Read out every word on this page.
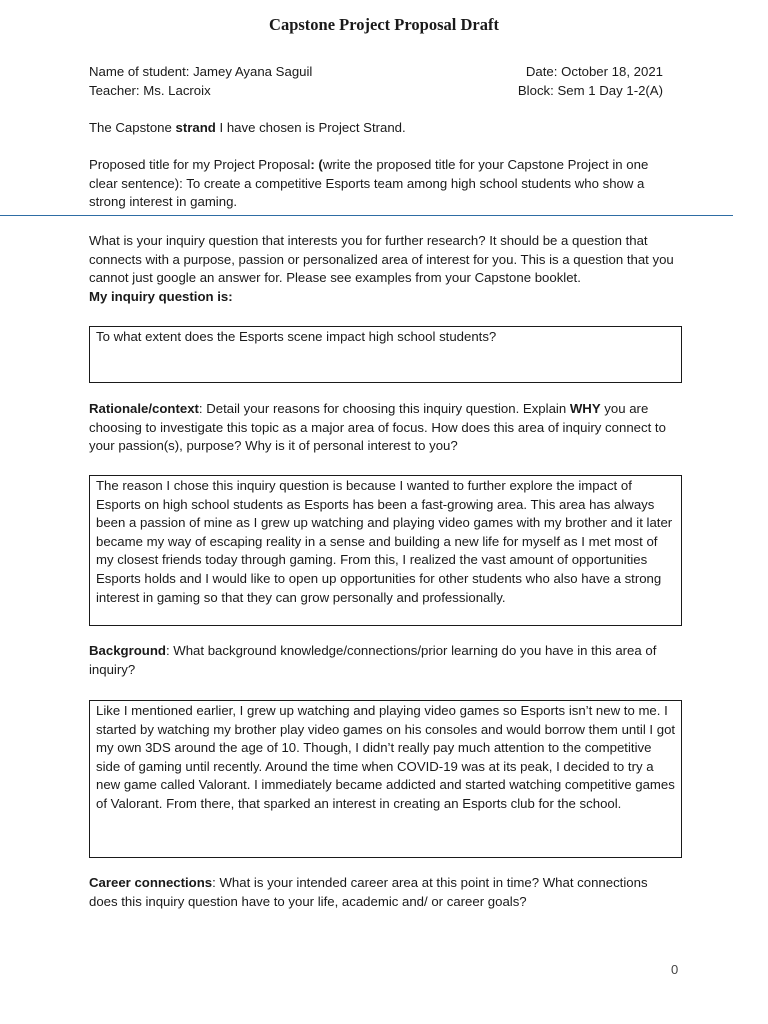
Capstone Project Proposal Draft
Name of student: Jamey Ayana Saguil	Date: October 18, 2021
Teacher: Ms. Lacroix	Block: Sem 1 Day 1-2(A)

The Capstone strand I have chosen is Project Strand.

Proposed title for my Project Proposal: (write the proposed title for your Capstone Project in one clear sentence): To create a competitive Esports team among high school students who show a strong interest in gaming.

What is your inquiry question that interests you for further research? It should be a question that connects with a purpose, passion or personalized area of interest for you. This is a question that you cannot just google an answer for. Please see examples from your Capstone booklet.

My inquiry question is:

To what extent does the Esports scene impact high school students?

Rationale/context: Detail your reasons for choosing this inquiry question. Explain WHY you are choosing to investigate this topic as a major area of focus. How does this area of inquiry connect to your passion(s), purpose? Why is it of personal interest to you?

The reason I chose this inquiry question is because I wanted to further explore the impact of Esports on high school students as Esports has been a fast-growing area. This area has always been a passion of mine as I grew up watching and playing video games with my brother and it later became my way of escaping reality in a sense and building a new life for myself as I met most of my closest friends today through gaming. From this, I realized the vast amount of opportunities Esports holds and I would like to open up opportunities for other students who also have a strong interest in gaming so that they can grow personally and professionally.

Background: What background knowledge/connections/prior learning do you have in this area of inquiry?

Like I mentioned earlier, I grew up watching and playing video games so Esports isn’t new to me. I started by watching my brother play video games on his consoles and would borrow them until I got my own 3DS around the age of 10. Though, I didn’t really pay much attention to the competitive side of gaming until recently. Around the time when COVID-19 was at its peak, I decided to try a new game called Valorant. I immediately became addicted and started watching competitive games of Valorant. From there, that sparked an interest in creating an Esports club for the school.

Career connections: What is your intended career area at this point in time? What connections does this inquiry question have to your life, academic and/ or career goals?

0
